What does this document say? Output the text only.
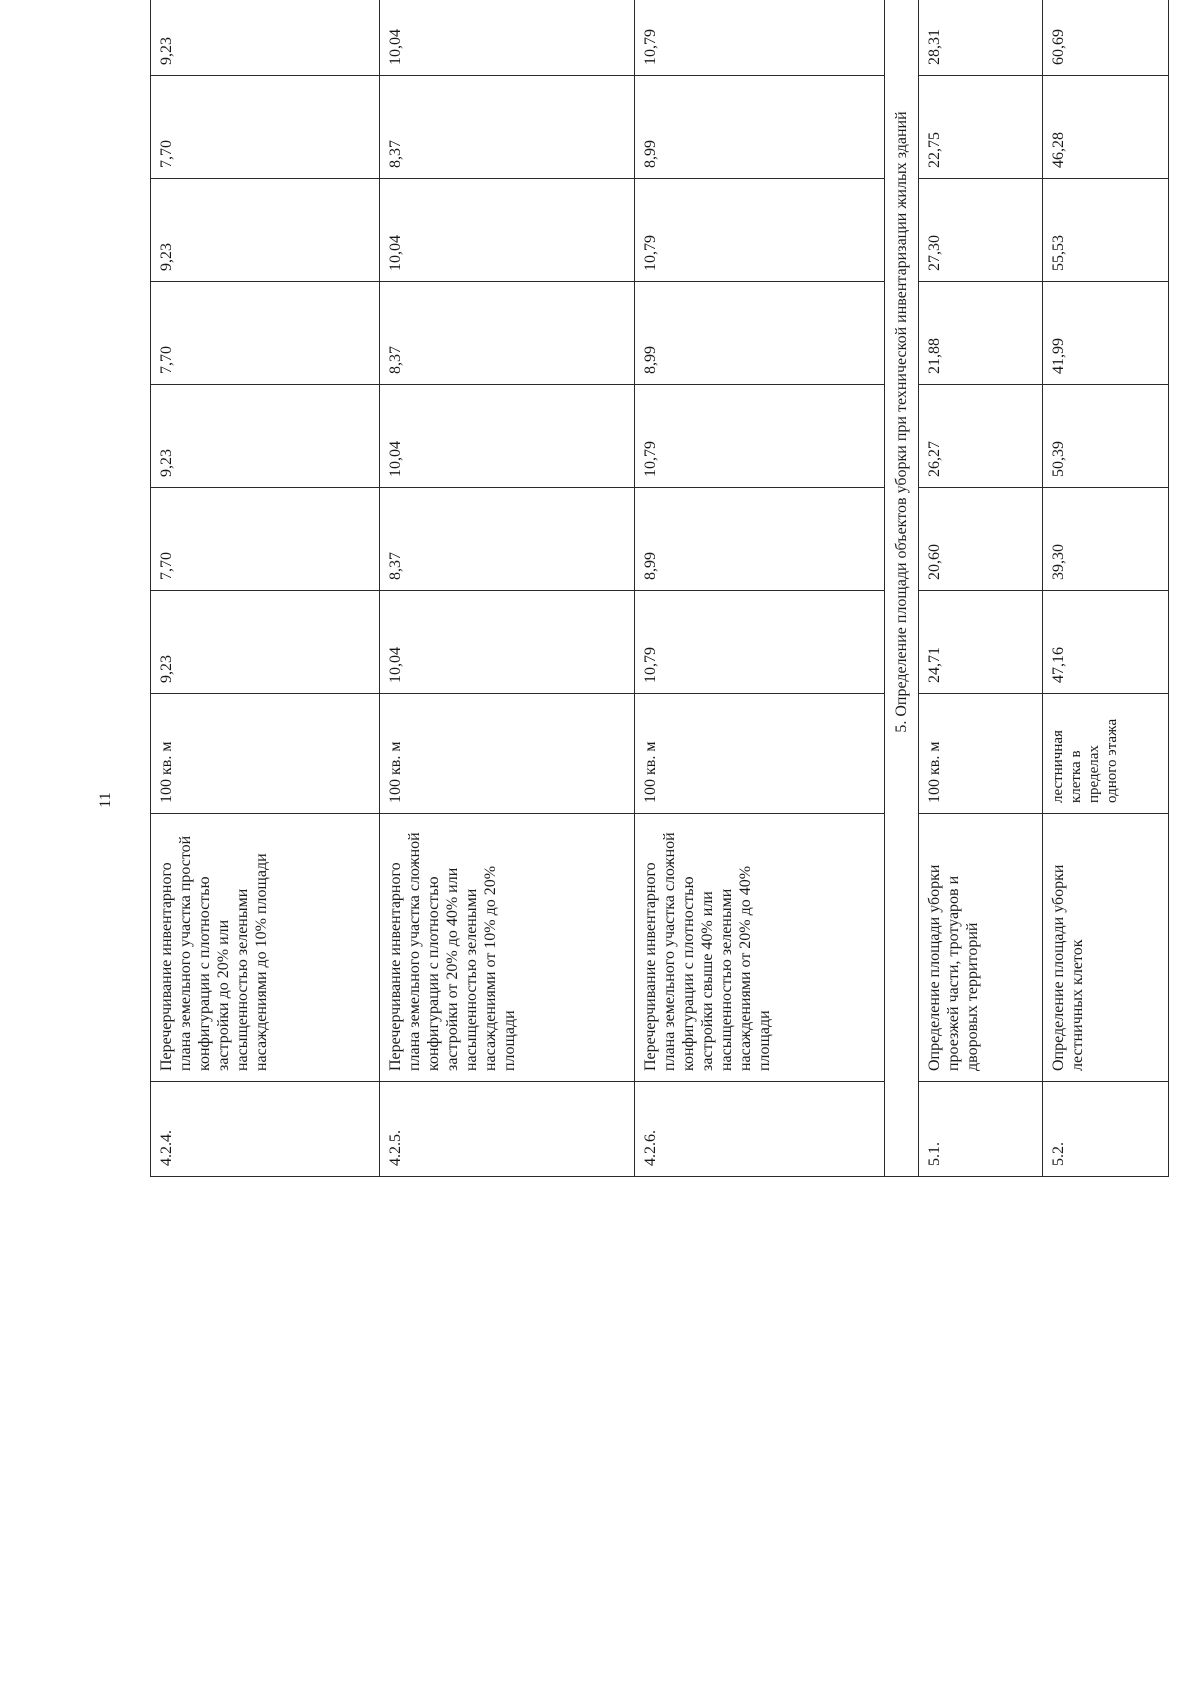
11
4.2.4.	Перечерчивание инвентарного плана земельного участка простой конфигурации с плотностью застройки до 20% или насыщенностью зелеными насаждениями до 10% площади	100 кв. м	9,23	7,70	9,23	7,70	9,23	7,70	9,23			
4.2.5.	Перечерчивание инвентарного плана земельного участка сложной конфигурации с плотностью застройки от 20% до 40% или насыщенностью зелеными насаждениями от 10% до 20% площади	100 кв. м	10,04	8,37	10,04	8,37	10,04	8,37	10,04			
4.2.6.	Перечерчивание инвентарного плана земельного участка сложной конфигурации с плотностью застройки свыше 40% или насыщенностью зелеными насаждениями от 20% до 40% площади	100 кв. м	10,79	8,99	10,79	8,99	10,79	8,99	10,79			
5. Определение площади объектов уборки при технической инвентаризации жилых зданий												
5.1.	Определение площади уборки проезжей части, тротуаров и дворовых территорий	100 кв. м	24,71	20,60	26,27	21,88	27,30	22,75	28,31			
5.2.	Определение площади уборки лестничных клеток	лестничная клетка в пределах одного этажа	47,16	39,30	50,39	41,99	55,53	46,28	60,69			
